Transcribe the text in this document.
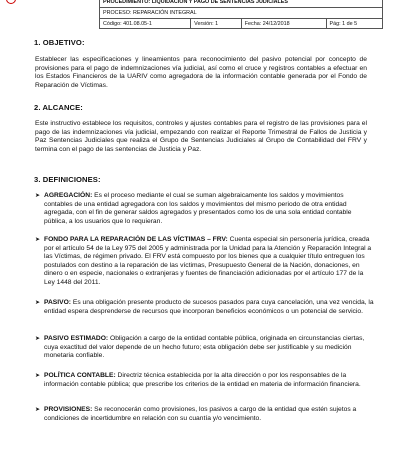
PROCEDIMIENTO: LIQUIDACIÓN Y PAGO DE SENTENCIAS JUDICIALES
PROCESO: REPARACIÓN INTEGRAL
Código: 401.08.05-1	Versión: 1	Fecha: 24/12/2018	Pág: 1 de 5
1. OBJETIVO:
Establecer las especificaciones y lineamientos para reconocimiento del pasivo potencial por concepto de provisiones para el pago de indemnizaciones vía judicial, así como el cruce y registros contables a efectuar en los Estados Financieros de la UARIV como agregadora de la información contable generada por el Fondo de Reparación de Víctimas.
2. ALCANCE:
Este instructivo establece los requisitos, controles y ajustes contables para el registro de las provisiones para el pago de las indemnizaciones vía judicial, empezando con realizar el Reporte Trimestral de Fallos de Justicia y Paz Sentencias Judiciales que realiza el Grupo de Sentencias Judiciales al Grupo de Contabilidad del FRV y termina con el pago de las sentencias de Justicia y Paz.
3. DEFINICIONES:
➤ AGREGACIÓN: Es el proceso mediante el cual se suman algebraicamente los saldos y movimientos contables de una entidad agregadora con los saldos y movimientos del mismo periodo de otra entidad agregada, con el fin de generar saldos agregados y presentados como los de una sola entidad contable pública, a los usuarios que lo requieran.
➤ FONDO PARA LA REPARACIÓN DE LAS VÍCTIMAS – FRV: Cuenta especial sin personería jurídica, creada por el artículo 54 de la Ley 975 del 2005 y administrada por la Unidad para la Atención y Reparación Integral a las Víctimas, de régimen privado. El FRV está compuesto por los bienes que a cualquier título entreguen los postulados con destino a la reparación de las víctimas, Presupuesto General de la Nación, donaciones, en dinero o en especie, nacionales o extranjeras y fuentes de financiación adicionadas por el artículo 177 de la Ley 1448 del 2011.
➤ PASIVO: Es una obligación presente producto de sucesos pasados para cuya cancelación, una vez vencida, la entidad espera desprenderse de recursos que incorporan beneficios económicos o un potencial de servicio.
➤ PASIVO ESTIMADO: Obligación a cargo de la entidad contable pública, originada en circunstancias ciertas, cuya exactitud del valor depende de un hecho futuro; esta obligación debe ser justificable y su medición monetaria confiable.
➤ POLÍTICA CONTABLE: Directriz técnica establecida por la alta dirección o por los responsables de la información contable pública; que prescribe los criterios de la entidad en materia de información financiera.
➤ PROVISIONES: Se reconocerán como provisiones, los pasivos a cargo de la entidad que estén sujetos a condiciones de incertidumbre en relación con su cuantía y/o vencimiento.
